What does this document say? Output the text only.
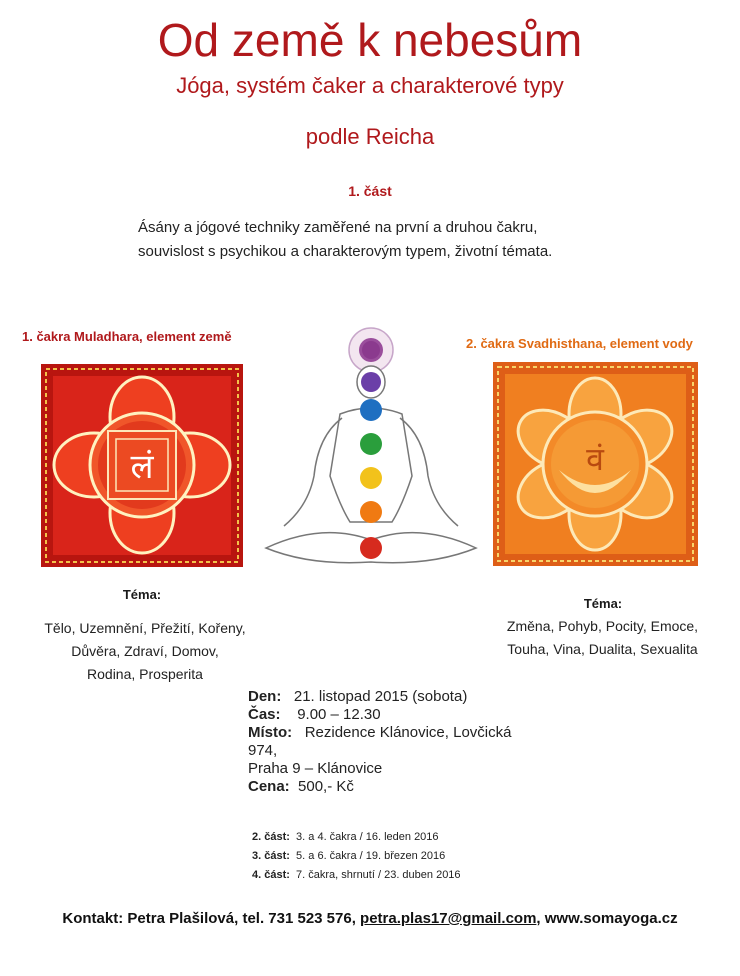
Od země k nebesům
Jóga, systém čaker a charakterové typy
podle Reicha
1. část
Ásány a jógové techniky zaměřené na první a druhou čakru,
souvislost s psychikou a charakterovým typem, životní témata.
1. čakra Muladhara, element země	2. čakra Svadhisthana, element vody
लं	वं
Téma:
Tělo, Uzemnění, Přežití, Kořeny,
Důvěra, Zdraví, Domov,
Rodina, Prosperita
Téma:
Změna, Pohyb, Pocity, Emoce,
Touha, Vina, Dualita, Sexualita
Den: 21. listopad 2015 (sobota)
Čas: 9.00 – 12.30
Místo: Rezidence Klánovice, Lovčická
974,
Praha 9 – Klánovice
Cena: 500,- Kč
2. část: 3. a 4. čakra / 16. leden 2016
3. část: 5. a 6. čakra / 19. březen 2016
4. část: 7. čakra, shrnutí / 23. duben 2016
Kontakt: Petra Plašilová, tel. 731 523 576, petra.plas17@gmail.com, www.somayoga.cz
